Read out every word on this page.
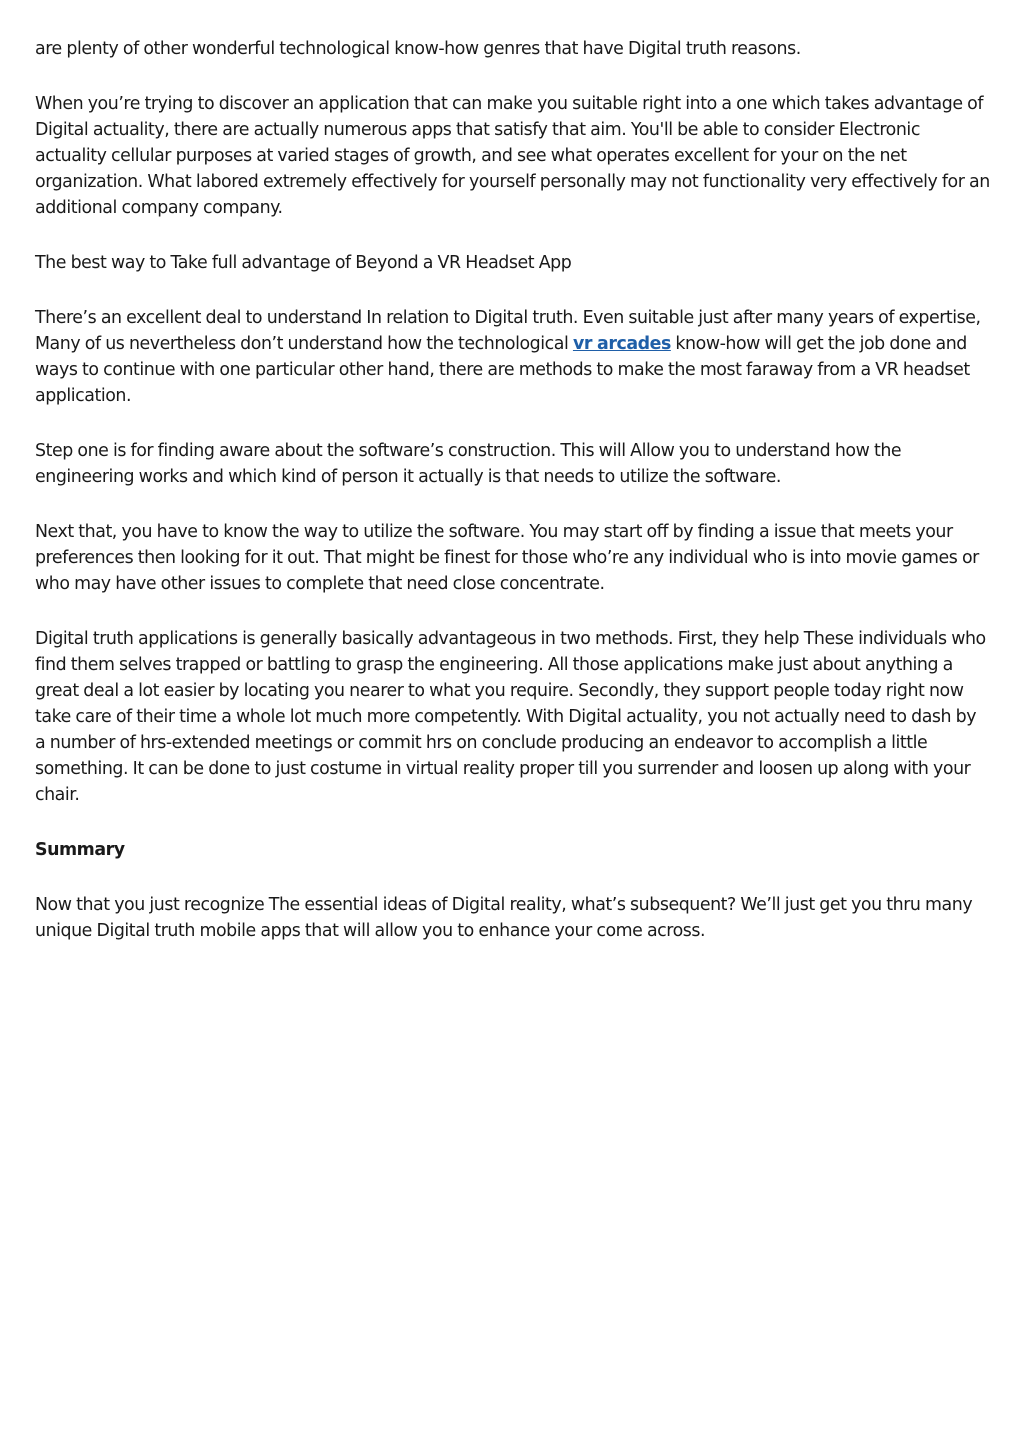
are plenty of other wonderful technological know-how genres that have Digital truth reasons.

When you’re trying to discover an application that can make you suitable right into a one which takes advantage of Digital actuality, there are actually numerous apps that satisfy that aim. You'll be able to consider Electronic actuality cellular purposes at varied stages of growth, and see what operates excellent for your on the net organization. What labored extremely effectively for yourself personally may not functionality very effectively for an additional company company.

The best way to Take full advantage of Beyond a VR Headset App

There’s an excellent deal to understand In relation to Digital truth. Even suitable just after many years of expertise, Many of us nevertheless don’t understand how the technological vr arcades know-how will get the job done and ways to continue with one particular other hand, there are methods to make the most faraway from a VR headset application.

Step one is for finding aware about the software’s construction. This will Allow you to understand how the engineering works and which kind of person it actually is that needs to utilize the software.

Next that, you have to know the way to utilize the software. You may start off by finding a issue that meets your preferences then looking for it out. That might be finest for those who’re any individual who is into movie games or who may have other issues to complete that need close concentrate.

Digital truth applications is generally basically advantageous in two methods. First, they help These individuals who find them selves trapped or battling to grasp the engineering. All those applications make just about anything a great deal a lot easier by locating you nearer to what you require. Secondly, they support people today right now take care of their time a whole lot much more competently. With Digital actuality, you not actually need to dash by a number of hrs-extended meetings or commit hrs on conclude producing an endeavor to accomplish a little something. It can be done to just costume in virtual reality proper till you surrender and loosen up along with your chair.

Summary

Now that you just recognize The essential ideas of Digital reality, what’s subsequent? We’ll just get you thru many unique Digital truth mobile apps that will allow you to enhance your come across.
